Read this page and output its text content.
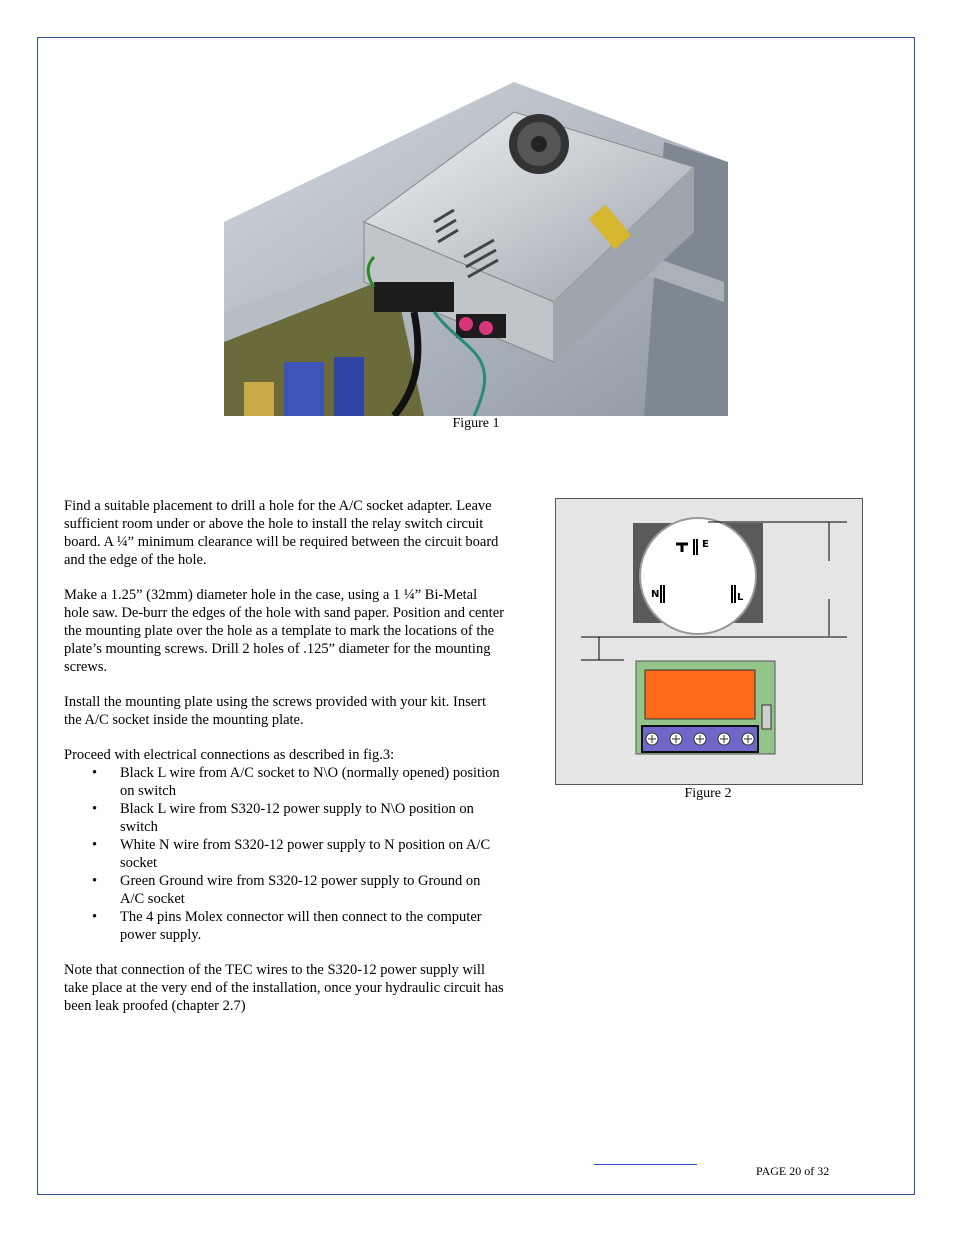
Figure 1

Find a suitable placement to drill a hole for the A/C socket adapter. Leave sufficient room under or above the hole to install the relay switch circuit board. A ¼” minimum clearance will be required between the circuit board and the edge of the hole.

Make a 1.25” (32mm) diameter hole in the case, using a 1 ¼” Bi-Metal hole saw. De-burr the edges of the hole with sand paper. Position and center the mounting plate over the hole as a template to mark the locations of the plate’s mounting screws. Drill 2 holes of .125” diameter for the mounting screws.

Install the mounting plate using the screws provided with your kit. Insert the A/C socket inside the mounting plate.

Proceed with electrical connections as described in fig.3:
• Black L wire from A/C socket to N\O (normally opened) position on switch
• Black L wire from S320-12 power supply to N\O position on switch
• White N wire from S320-12 power supply to N position on A/C socket
• Green Ground wire from S320-12 power supply to Ground on A/C socket
• The 4 pins Molex connector will then connect to the computer power supply.

Note that connection of the TEC wires to the S320-12 power supply will take place at the very end of the installation, once your hydraulic circuit has been leak proofed (chapter 2.7)

E
N	L
Figure 2
PAGE 20 of 32
